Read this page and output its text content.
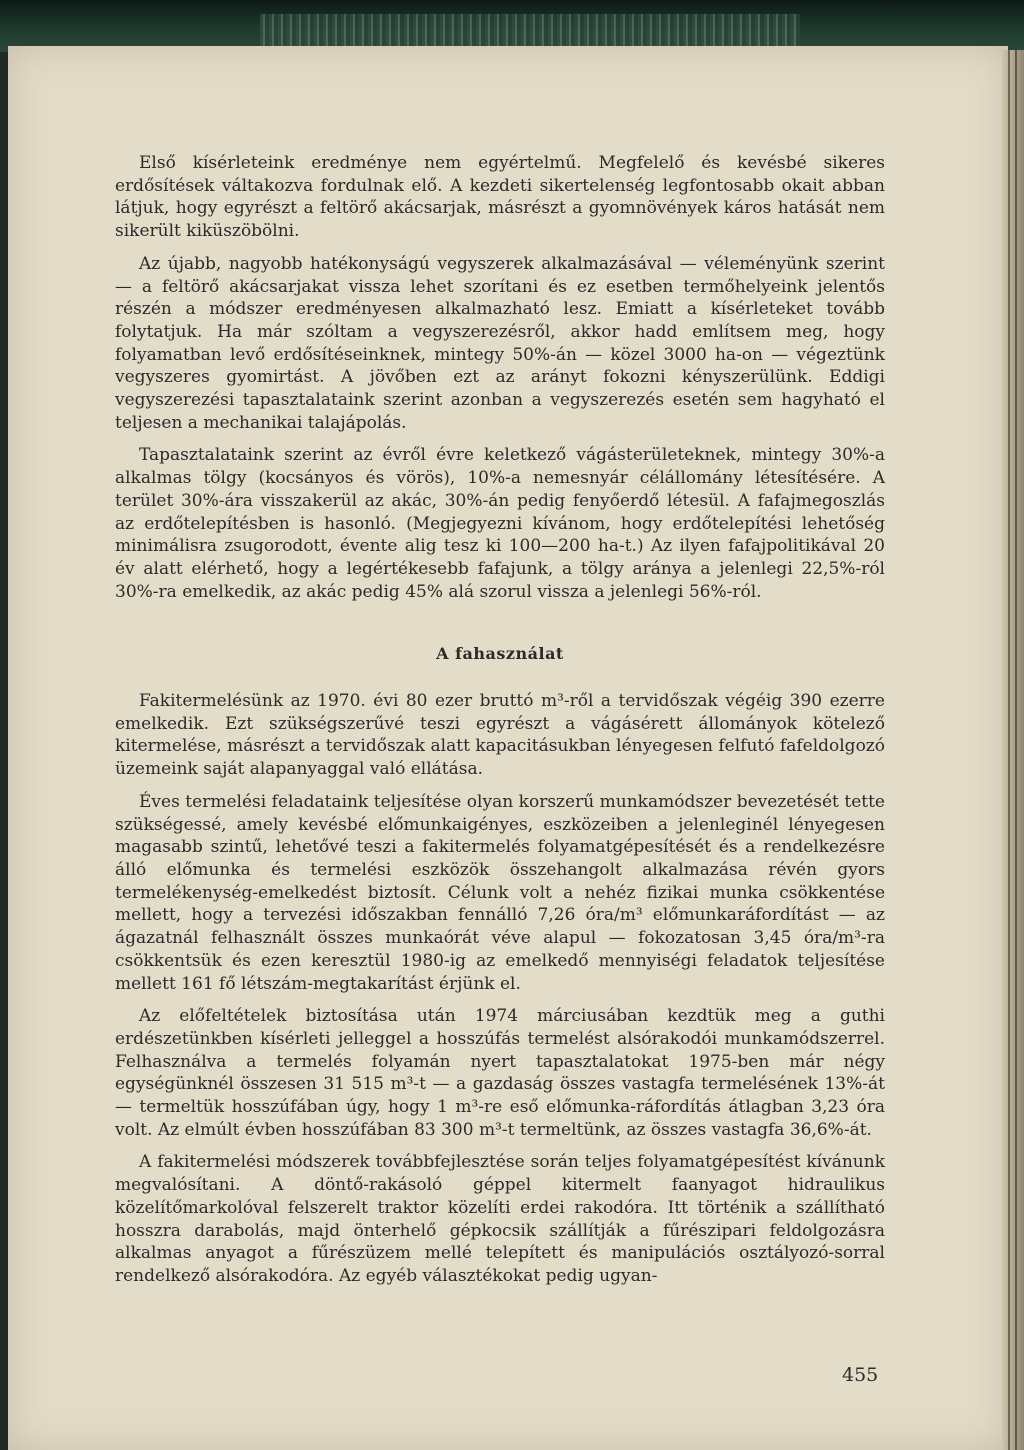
Első kísérleteink eredménye nem egyértelmű. Megfelelő és kevésbé sikeres erdősítések váltakozva fordulnak elő. A kezdeti sikertelenség legfontosabb okait abban látjuk, hogy egyrészt a feltörő akácsarjak, másrészt a gyomnövények káros hatását nem sikerült kiküszöbölni.

Az újabb, nagyobb hatékonyságú vegyszerek alkalmazásával — véleményünk szerint — a feltörő akácsarjakat vissza lehet szorítani és ez esetben termőhelyeink jelentős részén a módszer eredményesen alkalmazható lesz. Emiatt a kísérleteket tovább folytatjuk. Ha már szóltam a vegyszerezésről, akkor hadd említsem meg, hogy folyamatban levő erdősítéseinknek, mintegy 50%-án — közel 3000 ha-on — végeztünk vegyszeres gyomirtást. A jövőben ezt az arányt fokozni kényszerülünk. Eddigi vegyszerezési tapasztalataink szerint azonban a vegyszerezés esetén sem hagyható el teljesen a mechanikai talajápolás.

Tapasztalataink szerint az évről évre keletkező vágásterületeknek, mintegy 30%-a alkalmas tölgy (kocsányos és vörös), 10%-a nemesnyár célállomány létesítésére. A terület 30%-ára visszakerül az akác, 30%-án pedig fenyőerdő létesül. A fafajmegoszlás az erdőtelepítésben is hasonló. (Megjegyezni kívánom, hogy erdőtelepítési lehetőség minimálisra zsugorodott, évente alig tesz ki 100—200 ha-t.) Az ilyen fafajpolitikával 20 év alatt elérhető, hogy a legértékesebb fafajunk, a tölgy aránya a jelenlegi 22,5%-ról 30%-ra emelkedik, az akác pedig 45% alá szorul vissza a jelenlegi 56%-ról.

A fahasználat

Fakitermelésünk az 1970. évi 80 ezer bruttó m³-ről a tervidőszak végéig 390 ezerre emelkedik. Ezt szükségszerűvé teszi egyrészt a vágásérett állományok kötelező kitermelése, másrészt a tervidőszak alatt kapacitásukban lényegesen felfutó fafeldolgozó üzemeink saját alapanyaggal való ellátása.

Éves termelési feladataink teljesítése olyan korszerű munkamódszer bevezetését tette szükségessé, amely kevésbé előmunkaigényes, eszközeiben a jelenleginél lényegesen magasabb szintű, lehetővé teszi a fakitermelés folyamatgépesítését és a rendelkezésre álló előmunka és termelési eszközök összehangolt alkalmazása révén gyors termelékenység-emelkedést biztosít. Célunk volt a nehéz fizikai munka csökkentése mellett, hogy a tervezési időszakban fennálló 7,26 óra/m³ előmunkaráfordítást — az ágazatnál felhasznált összes munkaórát véve alapul — fokozatosan 3,45 óra/m³-ra csökkentsük és ezen keresztül 1980-ig az emelkedő mennyiségi feladatok teljesítése mellett 161 fő létszám-megtakarítást érjünk el.

Az előfeltételek biztosítása után 1974 márciusában kezdtük meg a guthi erdészetünkben kísérleti jelleggel a hosszúfás termelést alsórakodói munkamódszerrel. Felhasználva a termelés folyamán nyert tapasztalatokat 1975-ben már négy egységünknél összesen 31 515 m³-t — a gazdaság összes vastagfa termelésének 13%-át — termeltük hosszúfában úgy, hogy 1 m³-re eső előmunka-ráfordítás átlagban 3,23 óra volt. Az elmúlt évben hosszúfában 83 300 m³-t termeltünk, az összes vastagfa 36,6%-át.

A fakitermelési módszerek továbbfejlesztése során teljes folyamatgépesítést kívánunk megvalósítani. A döntő-rakásoló géppel kitermelt faanyagot hidraulikus közelítőmarkolóval felszerelt traktor közelíti erdei rakodóra. Itt történik a szállítható hosszra darabolás, majd önterhelő gépkocsik szállítják a fűrészipari feldolgozásra alkalmas anyagot a fűrészüzem mellé telepített és manipulációs osztályozó-sorral rendelkező alsórakodóra. Az egyéb választékokat pedig ugyan-

455
